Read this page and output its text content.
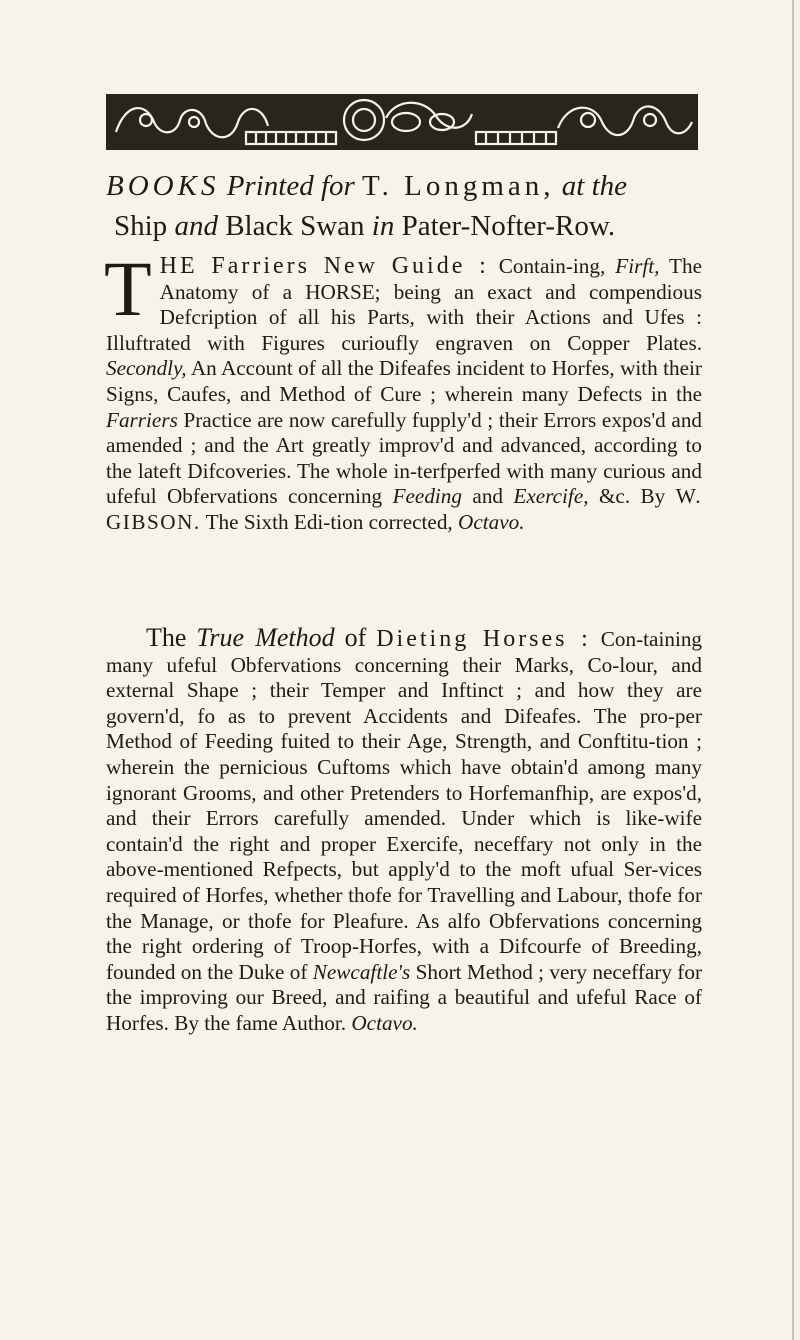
BOOKS Printed for T. Longman, at the
Ship and Black Swan in Pater-Nofter-Row.
T HE Farriers New Guide : Contain-ing, Firft, The Anatomy of a HORSE; being an exact and compendious Defcription of all his Parts, with their Actions and Ufes : Illuftrated with Figures curioufly engraven on Copper Plates. Secondly, An Account of all the Difeafes incident to Horfes, with their Signs, Caufes, and Method of Cure ; wherein many Defects in the Farriers Practice are now carefully fupply'd ; their Errors expos'd and amended ; and the Art greatly improv'd and advanced, according to the lateft Difcoveries. The whole in-terfperfed with many curious and ufeful Obfervations concerning Feeding and Exercife, &c. By W. GIBSON. The Sixth Edi-tion corrected, Octavo.
The True Method of Dieting Horses : Con-taining many ufeful Obfervations concerning their Marks, Co-lour, and external Shape ; their Temper and Inftinct ; and how they are govern'd, fo as to prevent Accidents and Difeafes. The pro-per Method of Feeding fuited to their Age, Strength, and Conftitu-tion ; wherein the pernicious Cuftoms which have obtain'd among many ignorant Grooms, and other Pretenders to Horfemanfhip, are expos'd, and their Errors carefully amended. Under which is like-wife contain'd the right and proper Exercife, neceffary not only in the above-mentioned Refpects, but apply'd to the moft ufual Ser-vices required of Horfes, whether thofe for Travelling and Labour, thofe for the Manage, or thofe for Pleafure. As alfo Obfervations concerning the right ordering of Troop-Horfes, with a Difcourfe of Breeding, founded on the Duke of Newcaftle's Short Method ; very neceffary for the improving our Breed, and raifing a beautiful and ufeful Race of Horfes. By the fame Author. Octavo.
